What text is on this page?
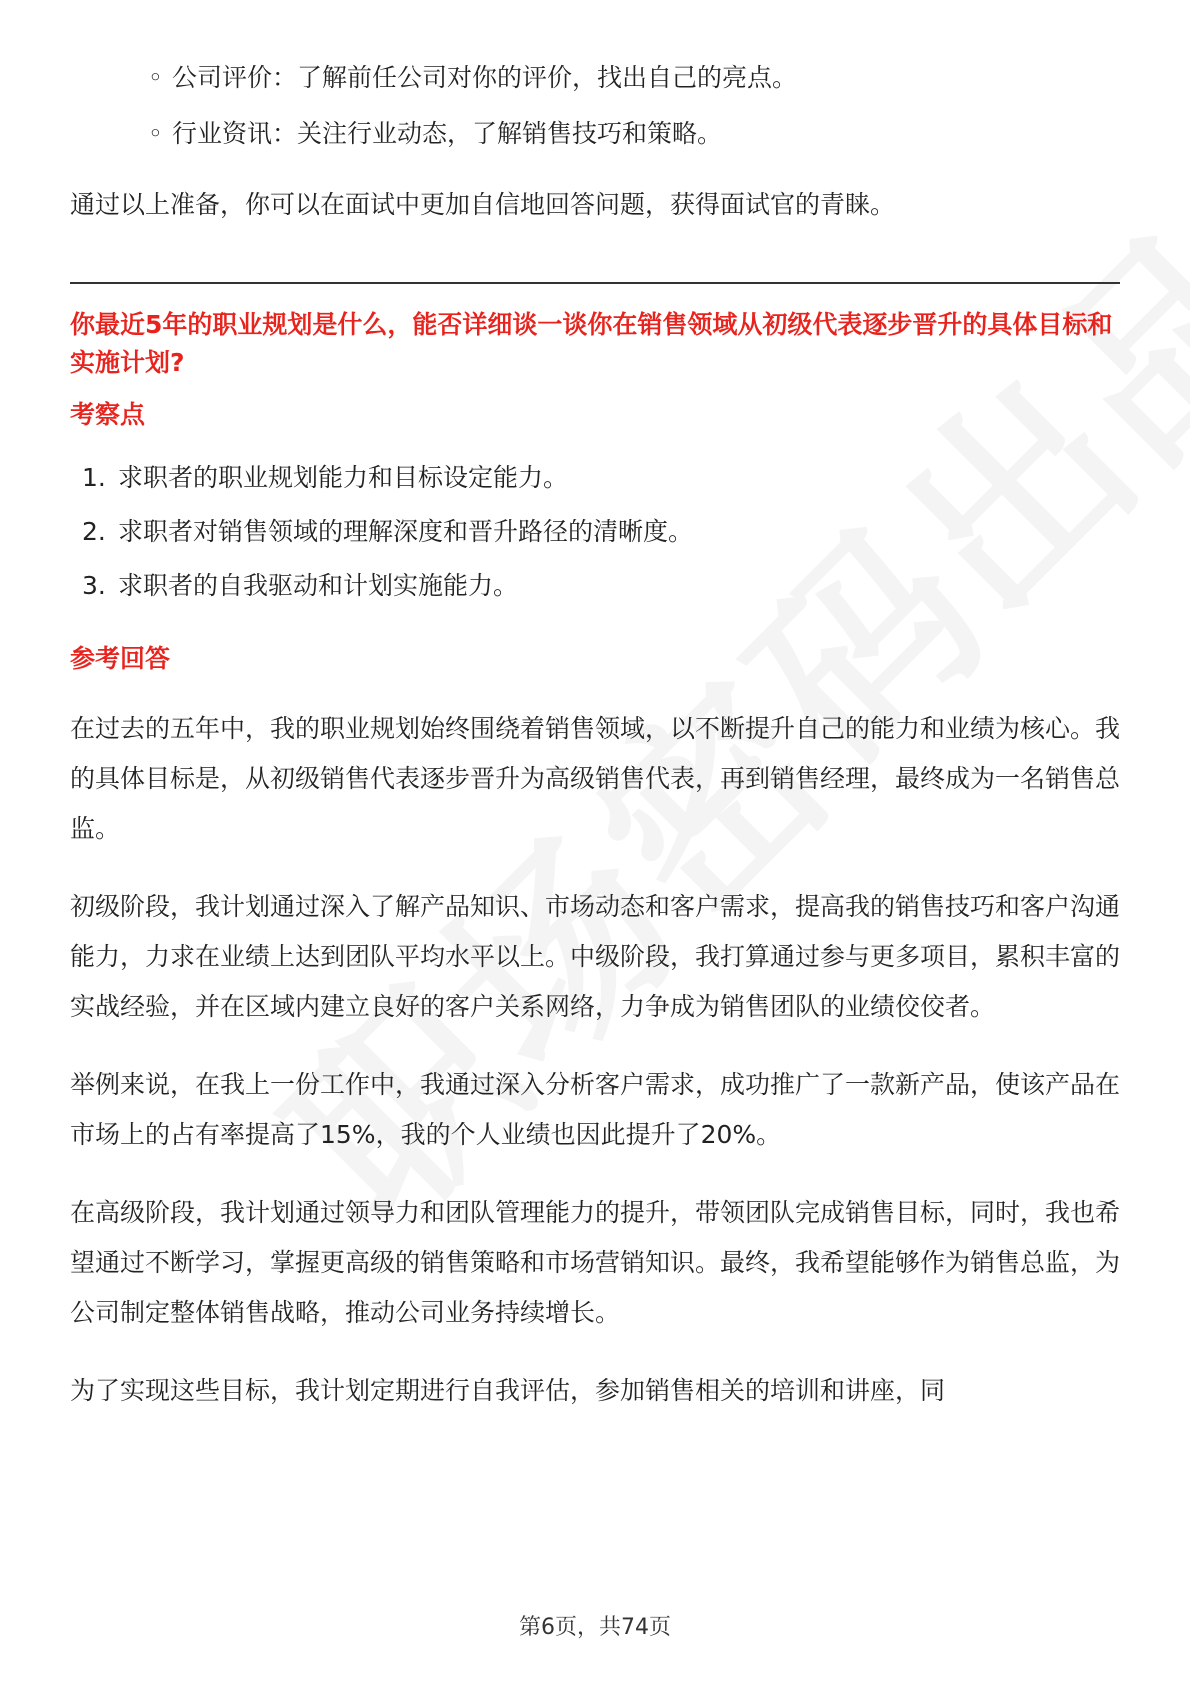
◦ 公司评价：了解前任公司对你的评价，找出自己的亮点。
◦ 行业资讯：关注行业动态，了解销售技巧和策略。

通过以上准备，你可以在面试中更加自信地回答问题，获得面试官的青睐。

你最近5年的职业规划是什么，能否详细谈一谈你在销售领域从初级代表逐步晋升的具体目标和实施计划?
考察点
1. 求职者的职业规划能力和目标设定能力。
2. 求职者对销售领域的理解深度和晋升路径的清晰度。
3. 求职者的自我驱动和计划实施能力。
参考回答

在过去的五年中，我的职业规划始终围绕着销售领域，以不断提升自己的能力和业绩为核心。我的具体目标是，从初级销售代表逐步晋升为高级销售代表，再到销售经理，最终成为一名销售总监。

初级阶段，我计划通过深入了解产品知识、市场动态和客户需求，提高我的销售技巧和客户沟通能力，力求在业绩上达到团队平均水平以上。中级阶段，我打算通过参与更多项目，累积丰富的实战经验，并在区域内建立良好的客户关系网络，力争成为销售团队的业绩佼佼者。

举例来说，在我上一份工作中，我通过深入分析客户需求，成功推广了一款新产品，使该产品在市场上的占有率提高了15%，我的个人业绩也因此提升了20%。

在高级阶段，我计划通过领导力和团队管理能力的提升，带领团队完成销售目标，同时，我也希望通过不断学习，掌握更高级的销售策略和市场营销知识。最终，我希望能够作为销售总监，为公司制定整体销售战略，推动公司业务持续增长。

为了实现这些目标，我计划定期进行自我评估，参加销售相关的培训和讲座，同

第6页，共74页
